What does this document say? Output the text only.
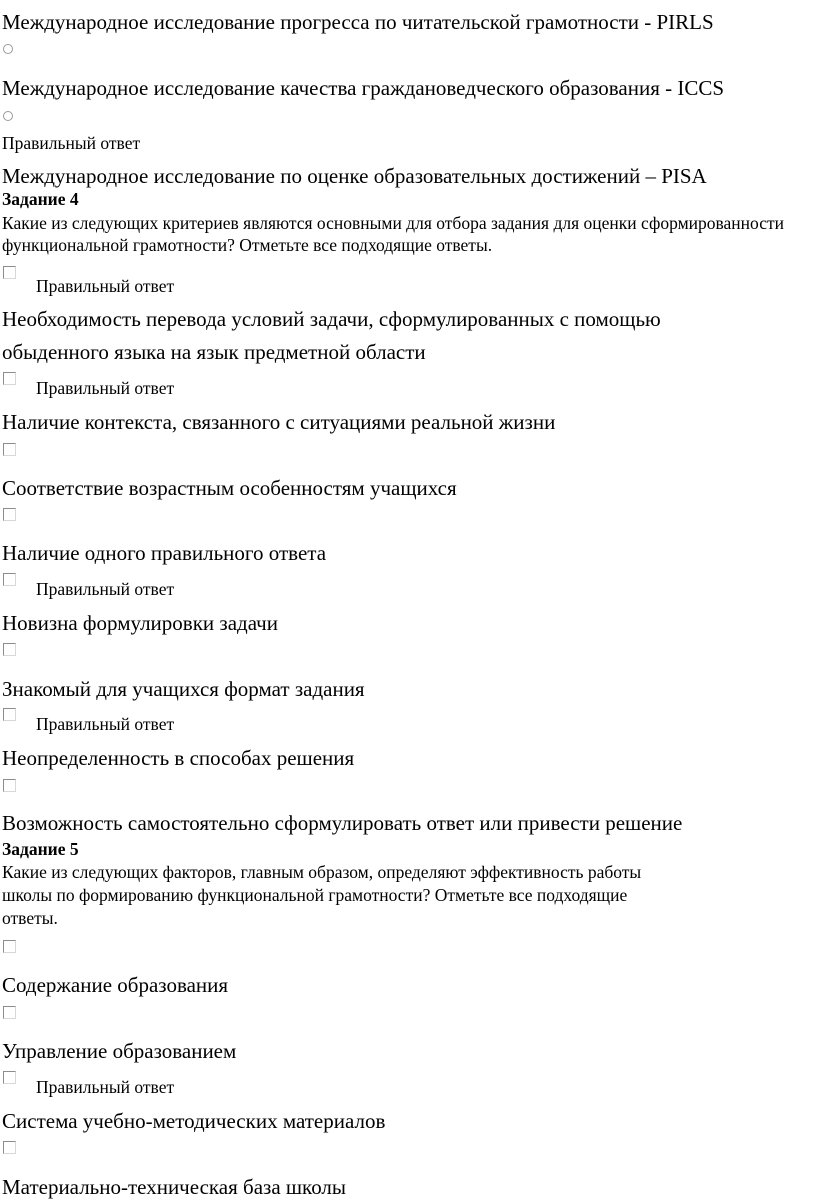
Международное исследование прогресса по читательской грамотности - PIRLS
Международное исследование качества граждановедческого образования - ICCS
Правильный ответ
Международное исследование по оценке образовательных достижений – PISA
Задание 4
Какие из следующих критериев являются основными для отбора задания для оценки сформированности функциональной грамотности? Отметьте все подходящие ответы.
Правильный ответ
Необходимость перевода условий задачи, сформулированных с помощью
обыденного языка на язык предметной области
Правильный ответ
Наличие контекста, связанного с ситуациями реальной жизни
Соответствие возрастным особенностям учащихся
Наличие одного правильного ответа
Правильный ответ
Новизна формулировки задачи
Знакомый для учащихся формат задания
Правильный ответ
Неопределенность в способах решения
Возможность самостоятельно сформулировать ответ или привести решение
Задание 5
Какие из следующих факторов, главным образом, определяют эффективность работы
школы по формированию функциональной грамотности? Отметьте все подходящие
ответы.
Содержание образования
Управление образованием
Правильный ответ
Система учебно-методических материалов
Материально-техническая база школы
